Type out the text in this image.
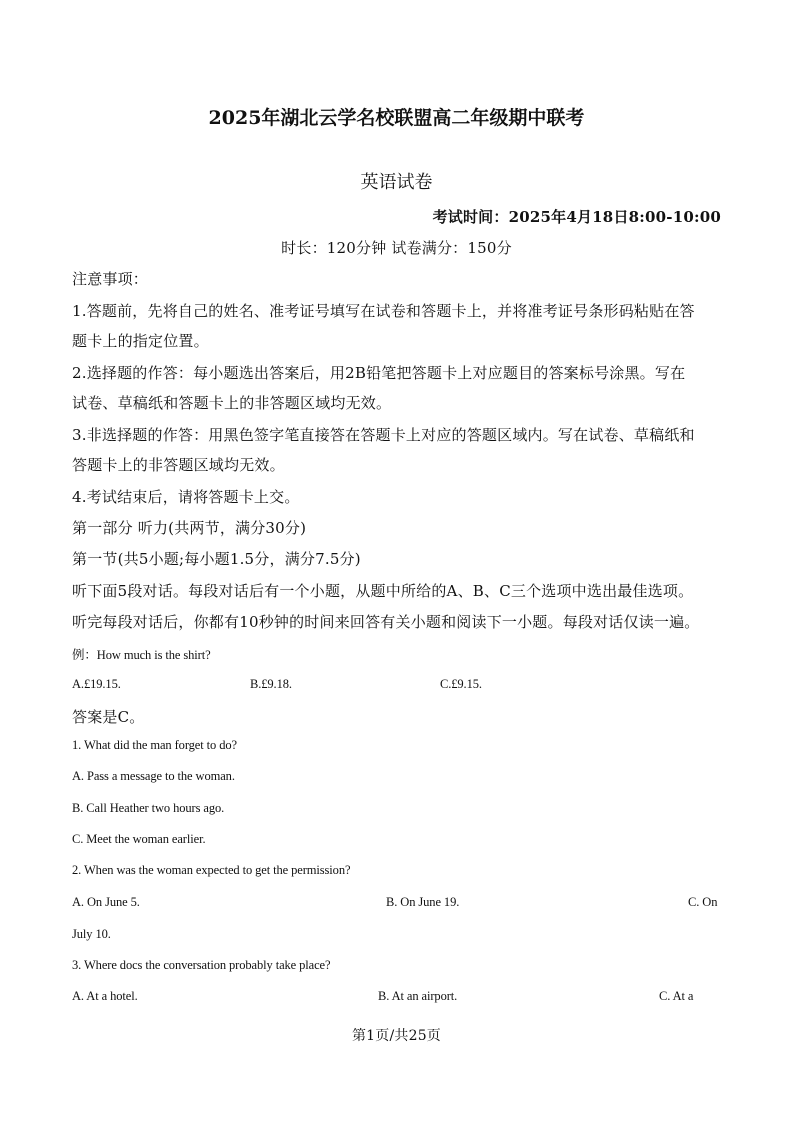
2025年湖北云学名校联盟高二年级期中联考
英语试卷
考试时间：2025年4月18日8:00-10:00
时长：120分钟 试卷满分：150分
注意事项：
1.答题前，先将自己的姓名、准考证号填写在试卷和答题卡上，并将准考证号条形码粘贴在答
题卡上的指定位置。
2.选择题的作答：每小题选出答案后，用2B铅笔把答题卡上对应题目的答案标号涂黑。写在
试卷、草稿纸和答题卡上的非答题区域均无效。
3.非选择题的作答：用黑色签字笔直接答在答题卡上对应的答题区域内。写在试卷、草稿纸和
答题卡上的非答题区域均无效。
4.考试结束后，请将答题卡上交。
第一部分 听力(共两节，满分30分)
第一节(共5小题;每小题1.5分，满分7.5分)
听下面5段对话。每段对话后有一个小题，从题中所给的A、B、C三个选项中选出最佳选项。
听完每段对话后，你都有10秒钟的时间来回答有关小题和阅读下一小题。每段对话仅读一遍。
例：How much is the shirt?
A.£19.15.	B.£9.18.	C.£9.15.
答案是C。
1. What did the man forget to do?
A. Pass a message to the woman.
B. Call Heather two hours ago.
C. Meet the woman earlier.
2. When was the woman expected to get the permission?
A. On June 5.	B. On June 19.	C. On
July 10.
3. Where docs the conversation probably take place?
A. At a hotel.	B. At an airport.	C. At a
第1页/共25页
